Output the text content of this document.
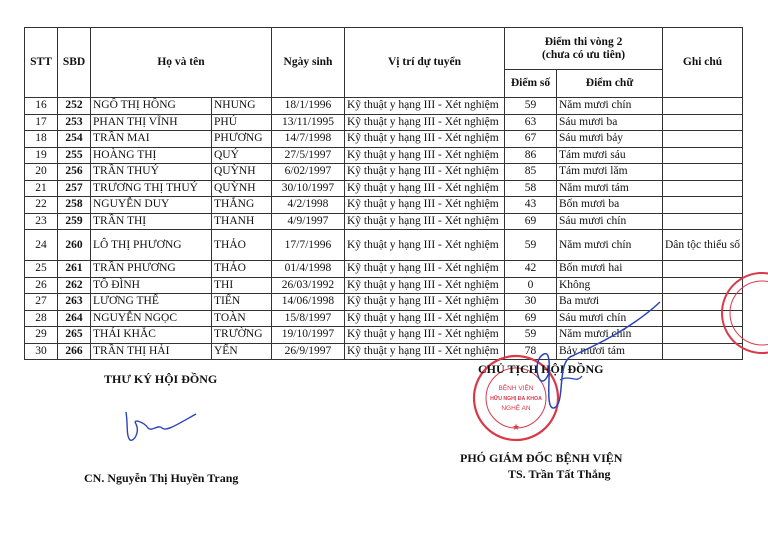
STT	SBD	Họ và tên		Ngày sinh	Vị trí dự tuyển	Điểm thi vòng 2
(chưa có ưu tiên)		Ghi chú
						Điểm số	Điểm chữ	
16	252	NGÔ THỊ HỒNG	NHUNG	18/1/1996	Kỹ thuật y hạng III - Xét nghiệm	59	Năm mươi chín	
17	253	PHAN THỊ VĨNH	PHÚ	13/11/1995	Kỹ thuật y hạng III - Xét nghiệm	63	Sáu mươi ba	
18	254	TRẦN MAI	PHƯƠNG	14/7/1998	Kỹ thuật y hạng III - Xét nghiệm	67	Sáu mươi bảy	
19	255	HOÀNG THỊ	QUÝ	27/5/1997	Kỹ thuật y hạng III - Xét nghiệm	86	Tám mươi sáu	
20	256	TRẦN THUÝ	QUỲNH	6/02/1997	Kỹ thuật y hạng III - Xét nghiệm	85	Tám mươi lăm	
21	257	TRƯƠNG THỊ THUÝ	QUỲNH	30/10/1997	Kỹ thuật y hạng III - Xét nghiệm	58	Năm mươi tám	
22	258	NGUYỄN DUY	THẮNG	4/2/1998	Kỹ thuật y hạng III - Xét nghiệm	43	Bốn mươi ba	
23	259	TRẦN THỊ	THANH	4/9/1997	Kỹ thuật y hạng III - Xét nghiệm	69	Sáu mươi chín	
24	260	LÔ THỊ PHƯƠNG	THẢO	17/7/1996	Kỹ thuật y hạng III - Xét nghiệm	59	Năm mươi chín	Dân tộc thiểu số
25	261	TRẦN PHƯƠNG	THẢO	01/4/1998	Kỹ thuật y hạng III - Xét nghiệm	42	Bốn mươi hai	
26	262	TÔ ĐÌNH	THI	26/03/1992	Kỹ thuật y hạng III - Xét nghiệm	0	Không	
27	263	LƯƠNG THẾ	TIẾN	14/06/1998	Kỹ thuật y hạng III - Xét nghiệm	30	Ba mươi	
28	264	NGUYỄN NGỌC	TOÀN	15/8/1997	Kỹ thuật y hạng III - Xét nghiệm	69	Sáu mươi chín	
29	265	THÁI KHẮC	TRƯỜNG	19/10/1997	Kỹ thuật y hạng III - Xét nghiệm	59	Năm mươi chín	
30	266	TRẦN THỊ HẢI	YẾN	26/9/1997	Kỹ thuật y hạng III - Xét nghiệm	78	Bảy mươi tám	
THƯ KÝ HỘI ĐỒNG
CN. Nguyễn Thị Huyền Trang
BỆNH VIỆN
HỮU NGHỊ ĐA KHOA
NGHỆ AN
★
CHỦ TỊCH HỘI ĐỒNG
PHÓ GIÁM ĐỐC BỆNH VIỆN
TS. Trần Tất Thắng
